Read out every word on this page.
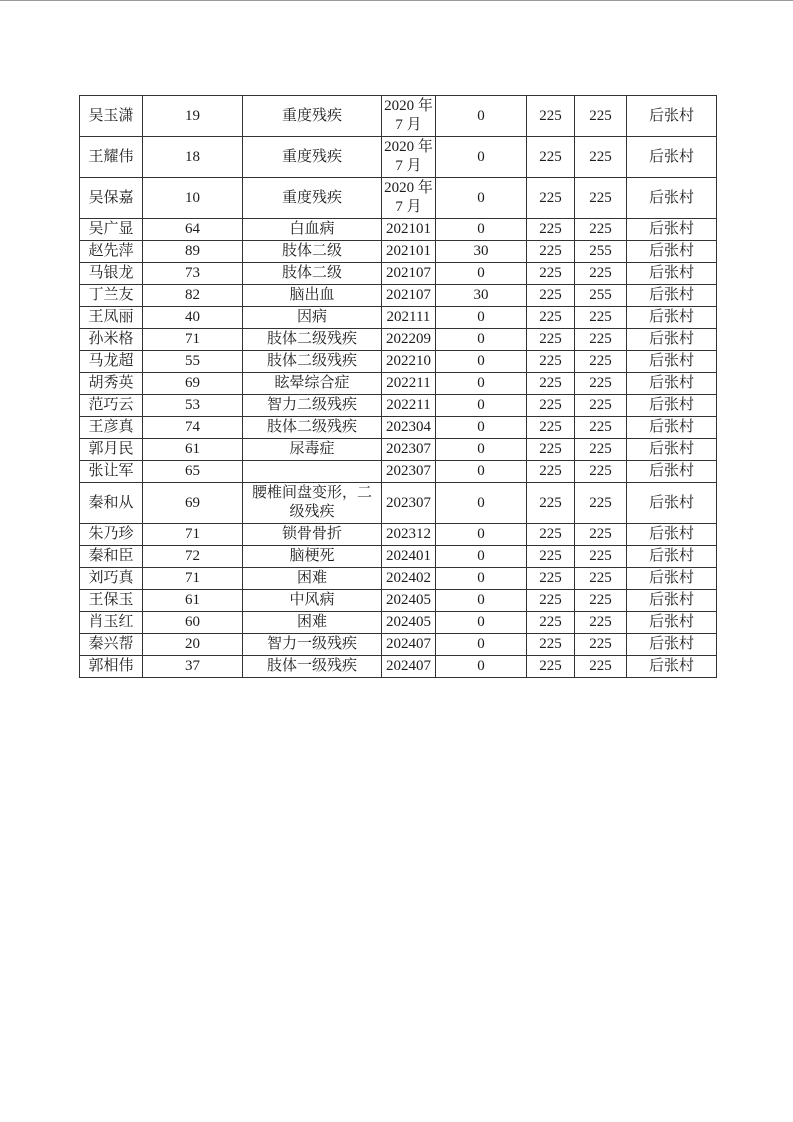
吴玉潇	19	重度残疾	2020 年 7 月	0	225	225	后张村
王耀伟	18	重度残疾	2020 年 7 月	0	225	225	后张村
吴保嘉	10	重度残疾	2020 年 7 月	0	225	225	后张村
吴广显	64	白血病	202101	0	225	225	后张村
赵先萍	89	肢体二级	202101	30	225	255	后张村
马银龙	73	肢体二级	202107	0	225	225	后张村
丁兰友	82	脑出血	202107	30	225	255	后张村
王凤丽	40	因病	202111	0	225	225	后张村
孙米格	71	肢体二级残疾	202209	0	225	225	后张村
马龙超	55	肢体二级残疾	202210	0	225	225	后张村
胡秀英	69	眩晕综合症	202211	0	225	225	后张村
范巧云	53	智力二级残疾	202211	0	225	225	后张村
王彦真	74	肢体二级残疾	202304	0	225	225	后张村
郭月民	61	尿毒症	202307	0	225	225	后张村
张让军	65		202307	0	225	225	后张村
秦和从	69	腰椎间盘变形，二级残疾	202307	0	225	225	后张村
朱乃珍	71	锁骨骨折	202312	0	225	225	后张村
秦和臣	72	脑梗死	202401	0	225	225	后张村
刘巧真	71	困难	202402	0	225	225	后张村
王保玉	61	中风病	202405	0	225	225	后张村
肖玉红	60	困难	202405	0	225	225	后张村
秦兴帮	20	智力一级残疾	202407	0	225	225	后张村
郭相伟	37	肢体一级残疾	202407	0	225	225	后张村
